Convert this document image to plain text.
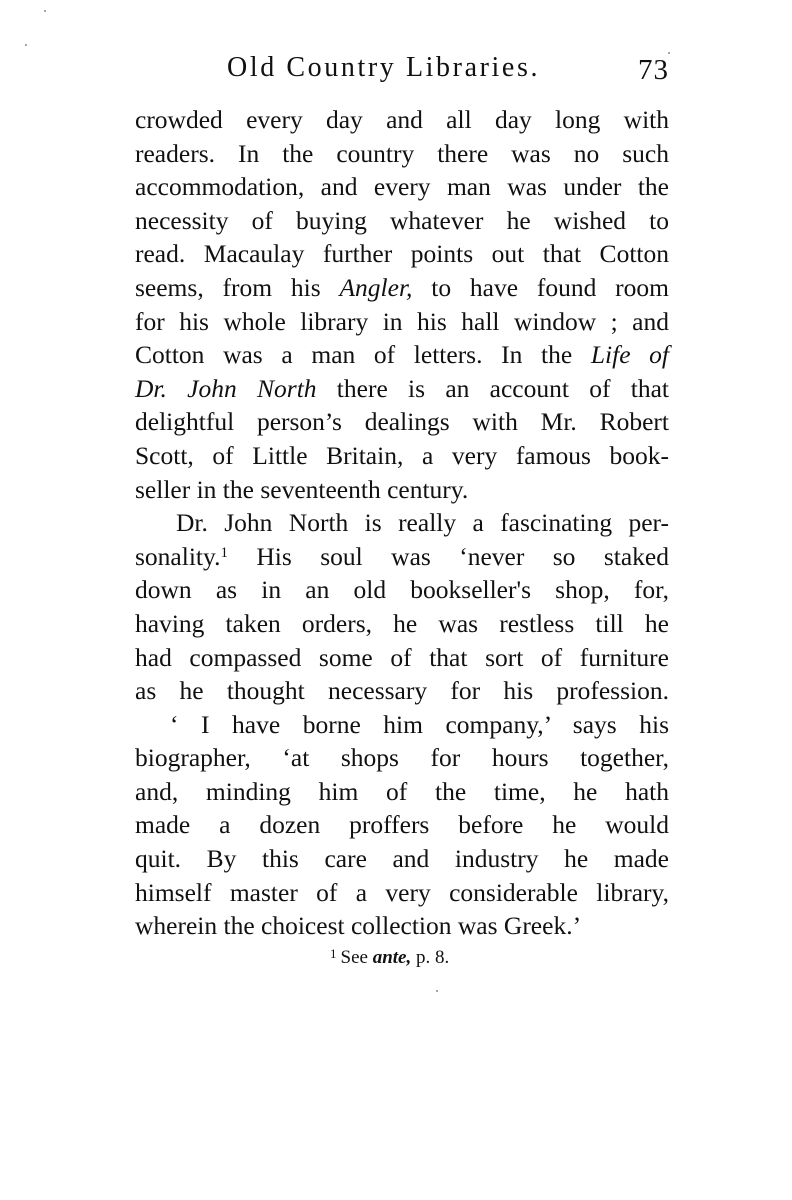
Old Country Libraries.	73
crowded every day and all day long with
readers. In the country there was no such
accommodation, and every man was under the
necessity of buying whatever he wished to
read. Macaulay further points out that Cotton
seems, from his Angler, to have found room
for his whole library in his hall window ; and
Cotton was a man of letters. In the Life of
Dr. John North there is an account of that
delightful person’s dealings with Mr. Robert
Scott, of Little Britain, a very famous book-
seller in the seventeenth century.
Dr. John North is really a fascinating per-
sonality.$^1$ His soul was ‘never so staked
down as in an old bookseller's shop, for,
having taken orders, he was restless till he
had compassed some of that sort of furniture
as he thought necessary for his profession.
‘ I have borne him company,’ says his
biographer, ‘at shops for hours together,
and, minding him of the time, he hath
made a dozen proffers before he would
quit. By this care and industry he made
himself master of a very considerable library,
wherein the choicest collection was Greek.’
$^1$ See ante, p. 8.
